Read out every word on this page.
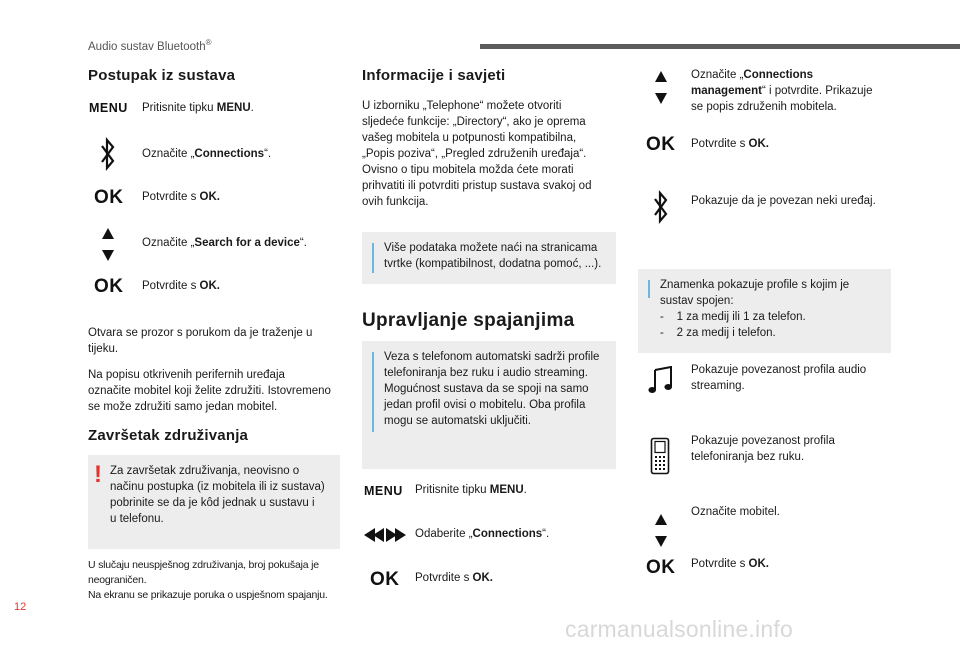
Audio sustav Bluetooth®
Postupak iz sustava
MENU Pritisnite tipku MENU.
Označite „Connections“.
OK Potvrdite s OK.
Označite „Search for a device“.
OK Potvrdite s OK.
Otvara se prozor s porukom da je traženje u
tijeku.
Na popisu otkrivenih perifernih uređaja
označite mobitel koji želite združiti. Istovremeno
se može združiti samo jedan mobitel.
Završetak združivanja
! Za završetak združivanja, neovisno o
načinu postupka (iz mobitela ili iz sustava)
pobrinite se da je kôd jednak u sustavu i
u telefonu.
U slučaju neuspješnog združivanja, broj pokušaja je
neograničen.
Na ekranu se prikazuje poruka o uspješnom spajanju.
Informacije i savjeti
U izborniku „Telephone“ možete otvoriti
sljedeće funkcije: „Directory“, ako je oprema
vašeg mobitela u potpunosti kompatibilna,
„Popis poziva“, „Pregled združenih uređaja“.
Ovisno o tipu mobitela možda ćete morati
prihvatiti ili potvrditi pristup sustava svakoj od
ovih funkcija.
Više podataka možete naći na stranicama
tvrtke (kompatibilnost, dodatna pomoć, ...).
Upravljanje spajanjima
Veza s telefonom automatski sadrži profile
telefoniranja bez ruku i audio streaming.
Mogućnost sustava da se spoji na samo
jedan profil ovisi o mobitelu. Oba profila
mogu se automatski uključiti.
MENU Pritisnite tipku MENU.
Odaberite „Connections“.
OK Potvrdite s OK.
Označite „Connections
management“ i potvrdite. Prikazuje
se popis združenih mobitela.
OK Potvrdite s OK.
Pokazuje da je povezan neki uređaj.
Znamenka pokazuje profile s kojim je
sustav spojen:
-    1 za medij ili 1 za telefon.
-    2 za medij i telefon.
Pokazuje povezanost profila audio
streaming.
Pokazuje povezanost profila
telefoniranja bez ruku.
Označite mobitel.
OK Potvrdite s OK.
12
carmanualsonline.info
